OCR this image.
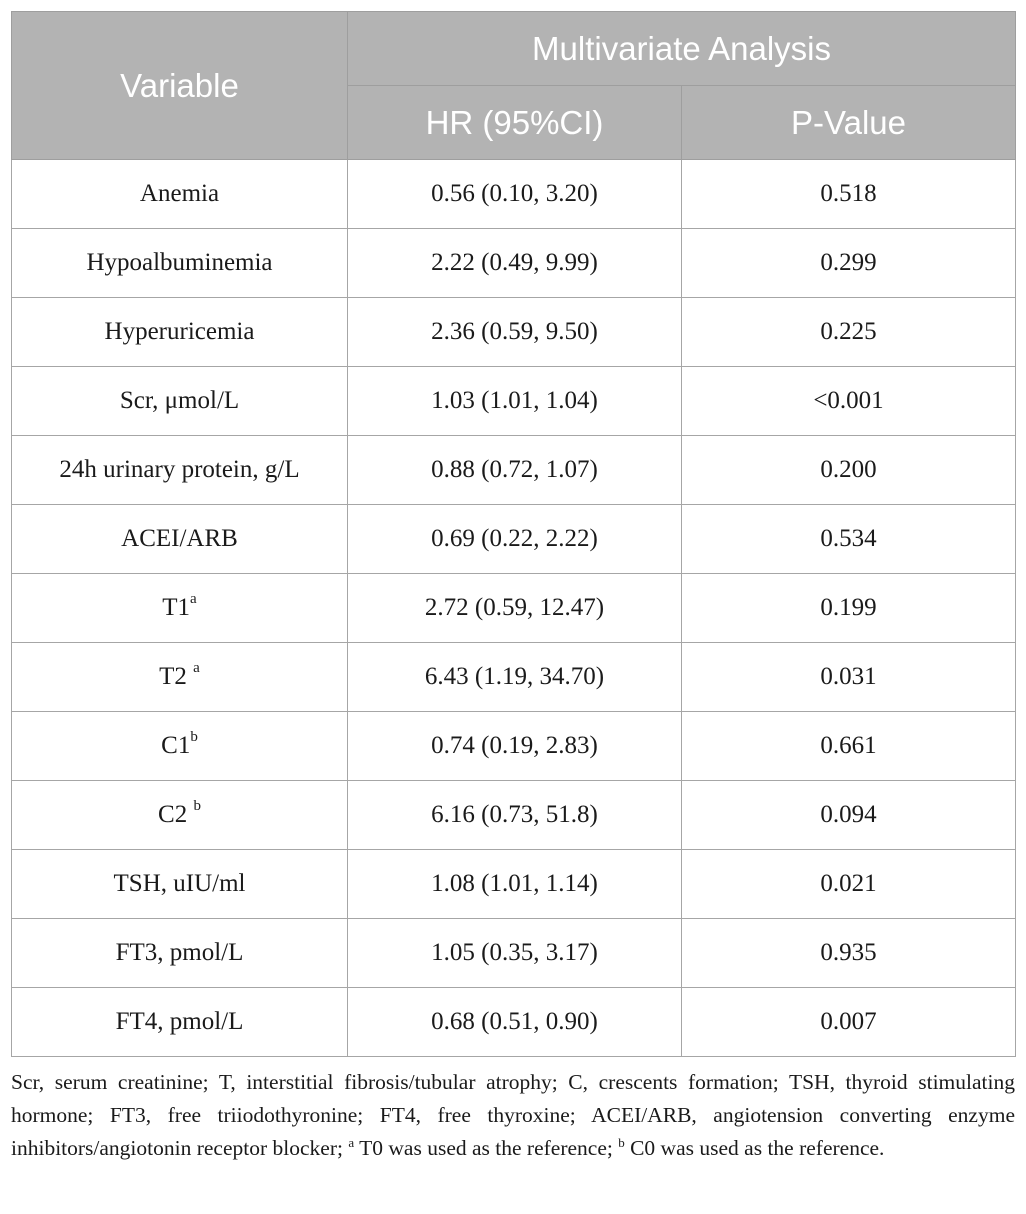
Variable	Multivariate Analysis	
	HR (95%CI)	P-Value
Anemia	0.56 (0.10, 3.20)	0.518
Hypoalbuminemia	2.22 (0.49, 9.99)	0.299
Hyperuricemia	2.36 (0.59, 9.50)	0.225
Scr, μmol/L	1.03 (1.01, 1.04)	<0.001
24h urinary protein, g/L	0.88 (0.72, 1.07)	0.200
ACEI/ARB	0.69 (0.22, 2.22)	0.534
T1$^a$	2.72 (0.59, 12.47)	0.199
T2 $^a$	6.43 (1.19, 34.70)	0.031
C1$^b$	0.74 (0.19, 2.83)	0.661
C2 $^b$	6.16 (0.73, 51.8)	0.094
TSH, uIU/ml	1.08 (1.01, 1.14)	0.021
FT3, pmol/L	1.05 (0.35, 3.17)	0.935
FT4, pmol/L	0.68 (0.51, 0.90)	0.007
Scr, serum creatinine; T, interstitial fibrosis/tubular atrophy; C, crescents formation; TSH, thyroid stimulating hormone; FT3, free triiodothyronine; FT4, free thyroxine; ACEI/ARB, angiotension converting enzyme inhibitors/angiotonin receptor blocker; $^a$ T0 was used as the reference; $^b$ C0 was used as the reference.
